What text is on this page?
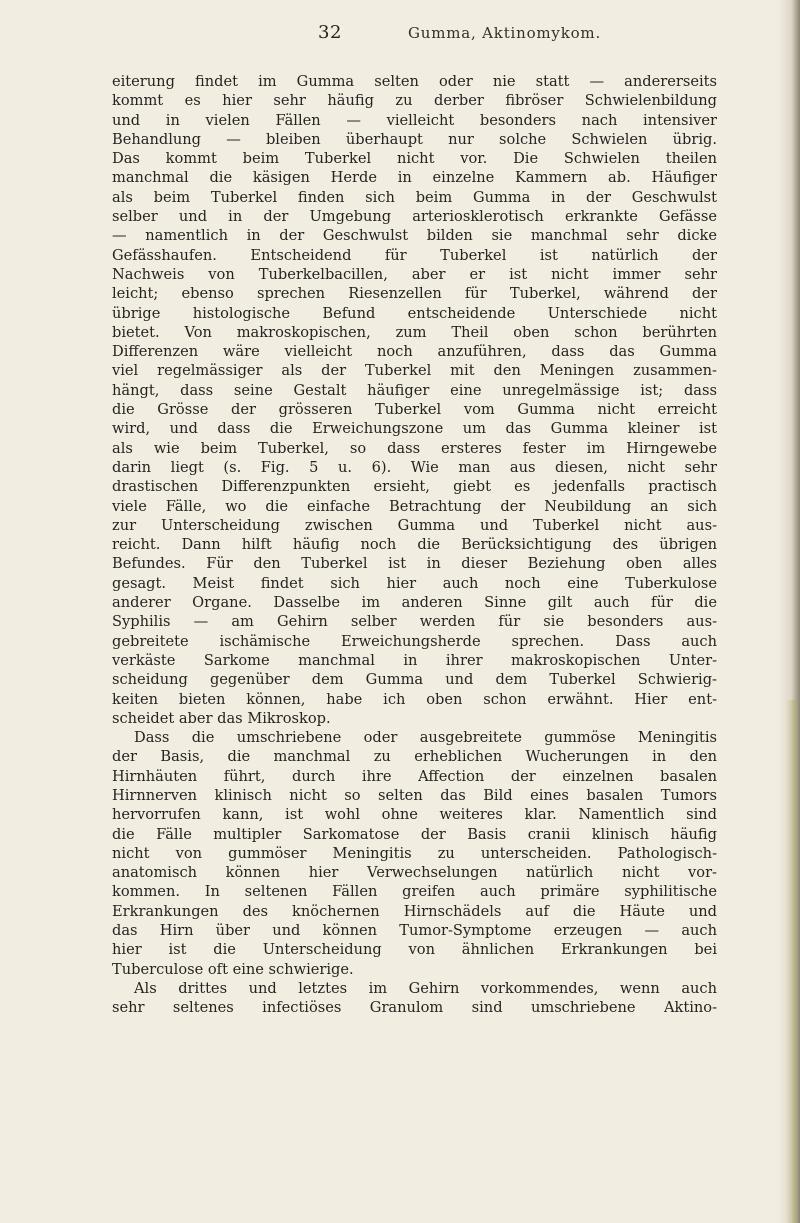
32	Gumma, Aktinomykom.
eiterung findet im Gumma selten oder nie statt — andererseits
kommt es hier sehr häufig zu derber fibröser Schwielenbildung
und in vielen Fällen — vielleicht besonders nach intensiver
Behandlung — bleiben überhaupt nur solche Schwielen übrig.
Das kommt beim Tuberkel nicht vor. Die Schwielen theilen
manchmal die käsigen Herde in einzelne Kammern ab. Häufiger
als beim Tuberkel finden sich beim Gumma in der Geschwulst
selber und in der Umgebung arteriosklerotisch erkrankte Gefässe
— namentlich in der Geschwulst bilden sie manchmal sehr dicke
Gefässhaufen. Entscheidend für Tuberkel ist natürlich der
Nachweis von Tuberkelbacillen, aber er ist nicht immer sehr
leicht; ebenso sprechen Riesenzellen für Tuberkel, während der
übrige histologische Befund entscheidende Unterschiede nicht
bietet. Von makroskopischen, zum Theil oben schon berührten
Differenzen wäre vielleicht noch anzuführen, dass das Gumma
viel regelmässiger als der Tuberkel mit den Meningen zusammen-
hängt, dass seine Gestalt häufiger eine unregelmässige ist; dass
die Grösse der grösseren Tuberkel vom Gumma nicht erreicht
wird, und dass die Erweichungszone um das Gumma kleiner ist
als wie beim Tuberkel, so dass ersteres fester im Hirngewebe
darin liegt (s. Fig. 5 u. 6). Wie man aus diesen, nicht sehr
drastischen Differenzpunkten ersieht, giebt es jedenfalls practisch
viele Fälle, wo die einfache Betrachtung der Neubildung an sich
zur Unterscheidung zwischen Gumma und Tuberkel nicht aus-
reicht. Dann hilft häufig noch die Berücksichtigung des übrigen
Befundes. Für den Tuberkel ist in dieser Beziehung oben alles
gesagt. Meist findet sich hier auch noch eine Tuberkulose
anderer Organe. Dasselbe im anderen Sinne gilt auch für die
Syphilis — am Gehirn selber werden für sie besonders aus-
gebreitete ischämische Erweichungsherde sprechen. Dass auch
verkäste Sarkome manchmal in ihrer makroskopischen Unter-
scheidung gegenüber dem Gumma und dem Tuberkel Schwierig-
keiten bieten können, habe ich oben schon erwähnt. Hier ent-
scheidet aber das Mikroskop.
Dass die umschriebene oder ausgebreitete gummöse Meningitis
der Basis, die manchmal zu erheblichen Wucherungen in den
Hirnhäuten führt, durch ihre Affection der einzelnen basalen
Hirnnerven klinisch nicht so selten das Bild eines basalen Tumors
hervorrufen kann, ist wohl ohne weiteres klar. Namentlich sind
die Fälle multipler Sarkomatose der Basis cranii klinisch häufig
nicht von gummöser Meningitis zu unterscheiden. Pathologisch-
anatomisch können hier Verwechselungen natürlich nicht vor-
kommen. In seltenen Fällen greifen auch primäre syphilitische
Erkrankungen des knöchernen Hirnschädels auf die Häute und
das Hirn über und können Tumor-Symptome erzeugen — auch
hier ist die Unterscheidung von ähnlichen Erkrankungen bei
Tuberculose oft eine schwierige.
Als drittes und letztes im Gehirn vorkommendes, wenn auch
sehr seltenes infectiöses Granulom sind umschriebene Aktino-
